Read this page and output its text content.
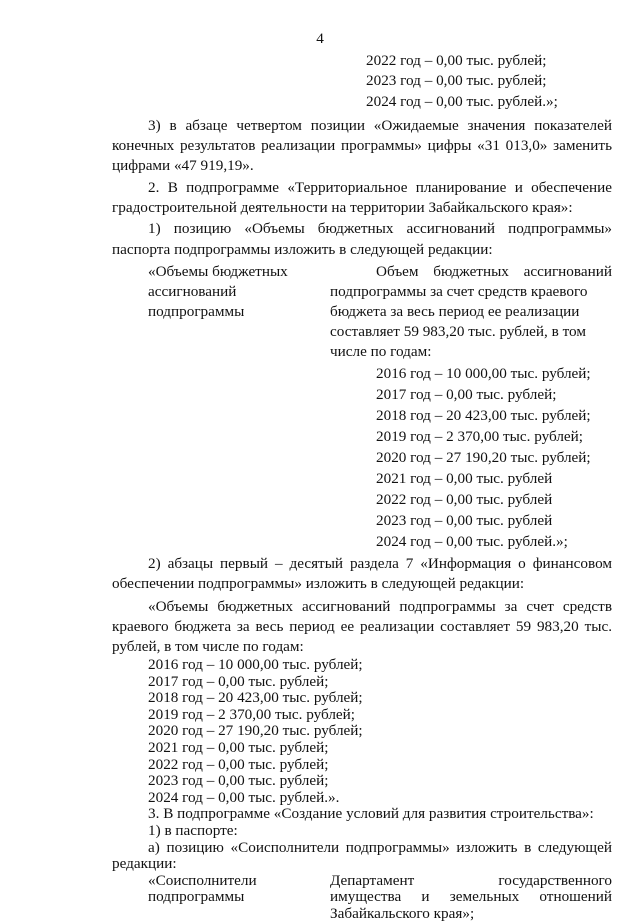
4
2022 год – 0,00 тыс. рублей;
2023 год – 0,00 тыс. рублей;
2024 год – 0,00 тыс. рублей.»;
3) в абзаце четвертом позиции «Ожидаемые значения показателей
конечных результатов реализации программы» цифры «31 013,0» заменить
цифрами «47 919,19».
2. В подпрограмме «Территориальное планирование и обеспечение
градостроительной деятельности на территории Забайкальского края»:
1) позицию «Объемы бюджетных ассигнований подпрограммы»
паспорта подпрограммы изложить в следующей редакции:
«Объемы бюджетных
ассигнований
подпрограммы
Объем бюджетных ассигнований
подпрограммы за счет средств краевого
бюджета за весь период ее реализации
составляет 59 983,20 тыс. рублей, в том
числе по годам:
2016 год – 10 000,00 тыс. рублей;
2017 год – 0,00 тыс. рублей;
2018 год – 20 423,00 тыс. рублей;
2019 год – 2 370,00 тыс. рублей;
2020 год – 27 190,20 тыс. рублей;
2021 год – 0,00 тыс. рублей
2022 год – 0,00 тыс. рублей
2023 год – 0,00 тыс. рублей
2024 год – 0,00 тыс. рублей.»;
2) абзацы первый – десятый раздела 7 «Информация о финансовом
обеспечении подпрограммы» изложить в следующей редакции:
«Объемы бюджетных ассигнований подпрограммы за счет средств
краевого бюджета за весь период ее реализации составляет 59 983,20 тыс.
рублей, в том числе по годам:
2016 год – 10 000,00 тыс. рублей;
2017 год – 0,00 тыс. рублей;
2018 год – 20 423,00 тыс. рублей;
2019 год – 2 370,00 тыс. рублей;
2020 год – 27 190,20 тыс. рублей;
2021 год – 0,00 тыс. рублей;
2022 год – 0,00 тыс. рублей;
2023 год – 0,00 тыс. рублей;
2024 год – 0,00 тыс. рублей.».
3. В подпрограмме «Создание условий для развития строительства»:
1) в паспорте:
а) позицию «Соисполнители подпрограммы» изложить в следующей
редакции:
«Соисполнители	Департамент государственного
подпрограммы	имущества и земельных отношений
Забайкальского края»;
